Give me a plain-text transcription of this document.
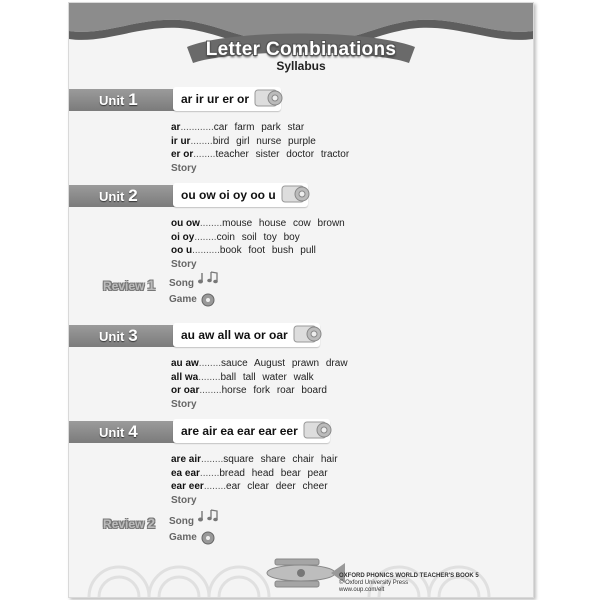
Letter Combinations
Syllabus
Unit 1	ar ir ur er or
ar............car farm park star
ir ur........bird girl nurse purple
er or........teacher sister doctor tractor
Story
Unit 2	ou ow oi oy oo u
ou ow........mouse house cow brown
oi oy........coin soil toy boy
oo u..........book foot bush pull
Story
Review 1 Song
Game
Unit 3	au aw all wa or oar
au aw........sauce August prawn draw
all wa........ball tall water walk
or oar........horse fork roar board
Story
Unit 4	are air ea ear ear eer
are air........square share chair hair
ea ear.......bread head bear pear
ear eer........ear clear deer cheer
Story
Review 2 Song
Game
OXFORD PHONICS WORLD TEACHER'S BOOK 5
© Oxford University Press
www.oup.com/elt
